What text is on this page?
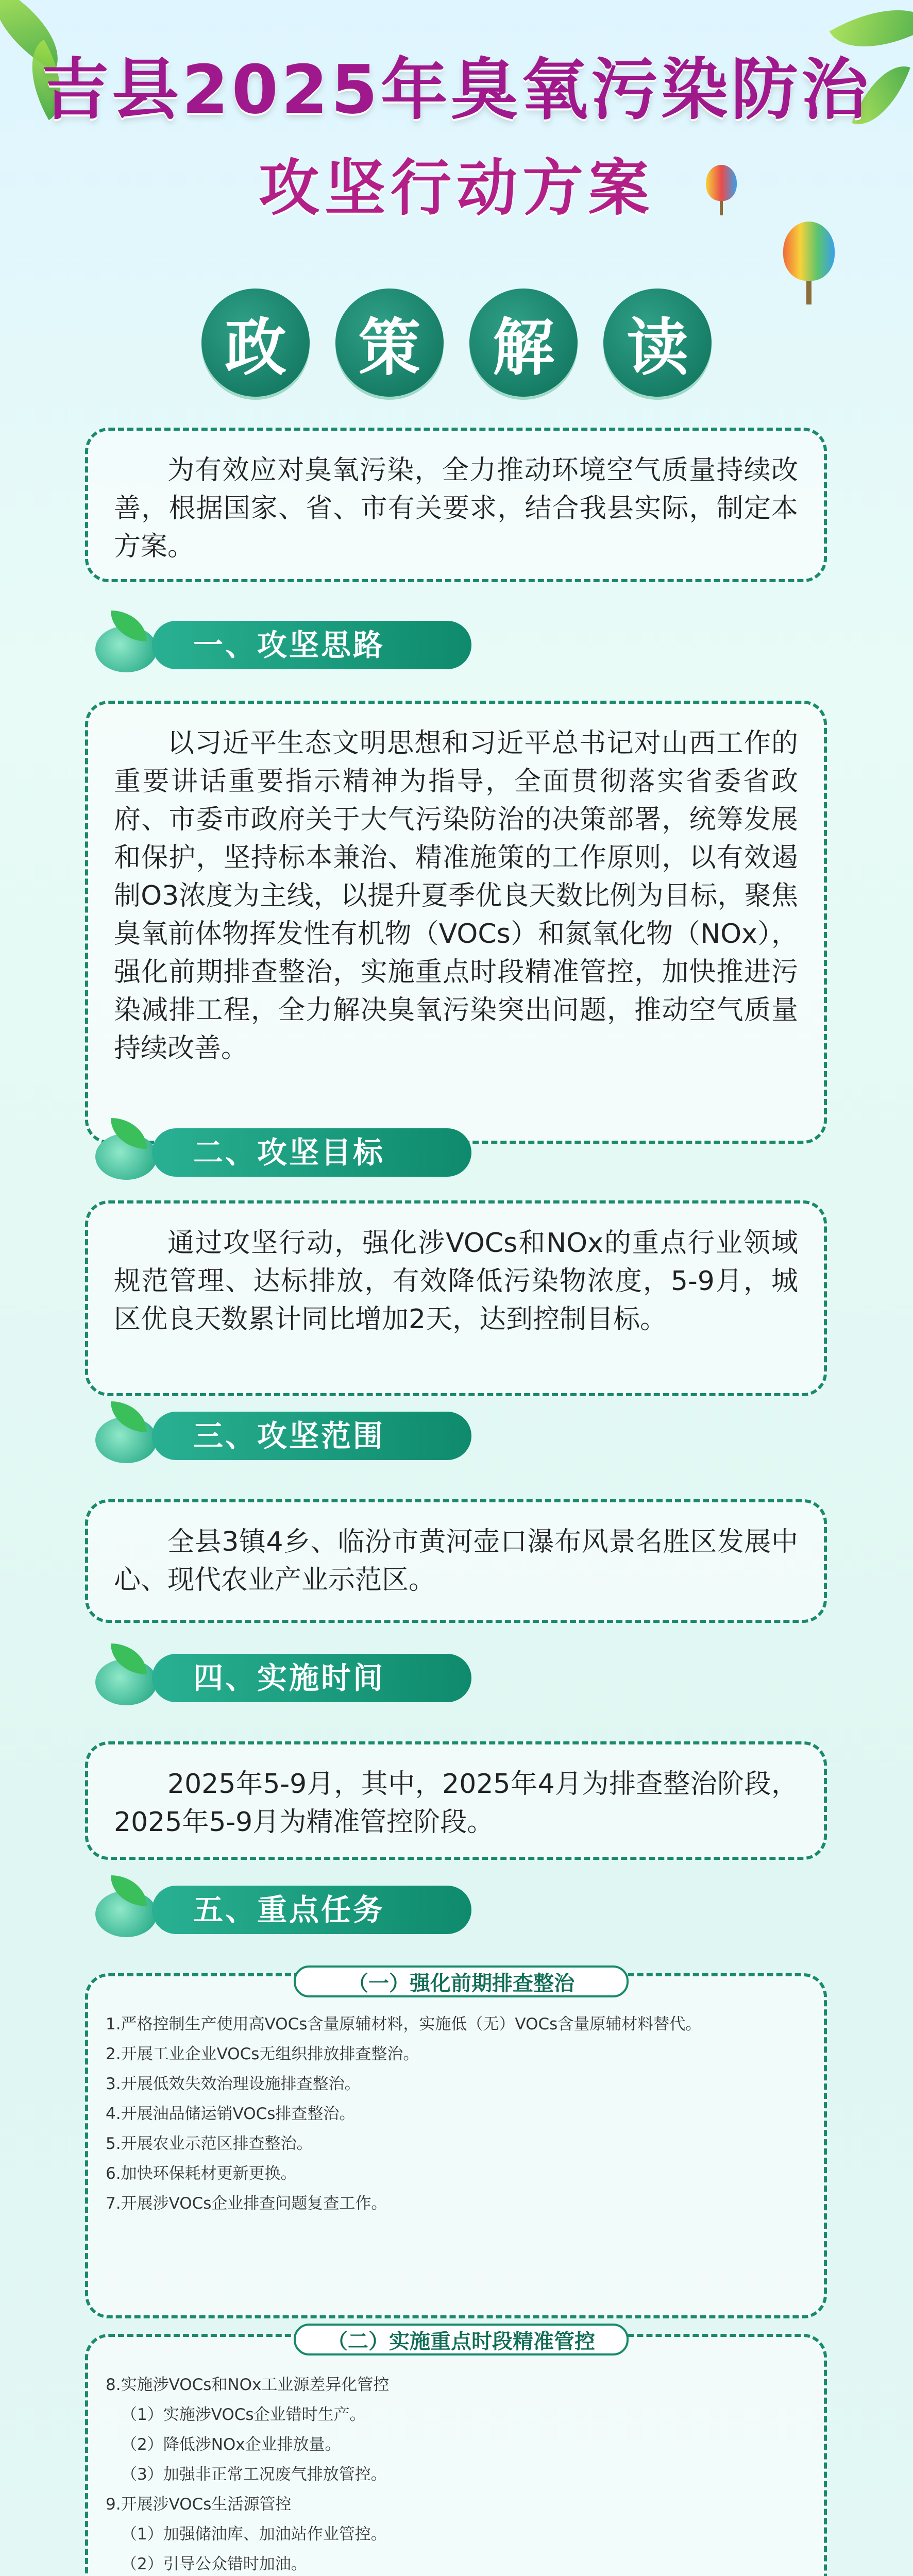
吉县2025年臭氧污染防治
攻坚行动方案
政	策	解	读

为有效应对臭氧污染，全力推动环境空气质量持续改善，根据国家、省、市有关要求，结合我县实际，制定本方案。

一、攻坚思路

以习近平生态文明思想和习近平总书记对山西工作的重要讲话重要指示精神为指导，全面贯彻落实省委省政府、市委市政府关于大气污染防治的决策部署，统筹发展和保护，坚持标本兼治、精准施策的工作原则，以有效遏制O3浓度为主线，以提升夏季优良天数比例为目标，聚焦臭氧前体物挥发性有机物（VOCs）和氮氧化物（NOx），强化前期排查整治，实施重点时段精准管控，加快推进污染减排工程，全力解决臭氧污染突出问题，推动空气质量持续改善。

二、攻坚目标

通过攻坚行动，强化涉VOCs和NOx的重点行业领域规范管理、达标排放，有效降低污染物浓度，5-9月，城区优良天数累计同比增加2天，达到控制目标。

三、攻坚范围

全县3镇4乡、临汾市黄河壶口瀑布风景名胜区发展中心、现代农业产业示范区。

四、实施时间

2025年5-9月，其中，2025年4月为排查整治阶段，2025年5-9月为精准管控阶段。

五、重点任务
（一）强化前期排查整治
1.严格控制生产使用高VOCs含量原辅材料，实施低（无）VOCs含量原辅材料替代。
2.开展工业企业VOCs无组织排放排查整治。
3.开展低效失效治理设施排查整治。
4.开展油品储运销VOCs排查整治。
5.开展农业示范区排查整治。
6.加快环保耗材更新更换。
7.开展涉VOCs企业排查问题复查工作。
（二）实施重点时段精准管控
8.实施涉VOCs和NOx工业源差异化管控
（1）实施涉VOCs企业错时生产。
（2）降低涉NOx企业排放量。
（3）加强非正常工况废气排放管控。
9.开展涉VOCs生活源管控
（1）加强储油库、加油站作业管控。
（2）引导公众错时加油。
